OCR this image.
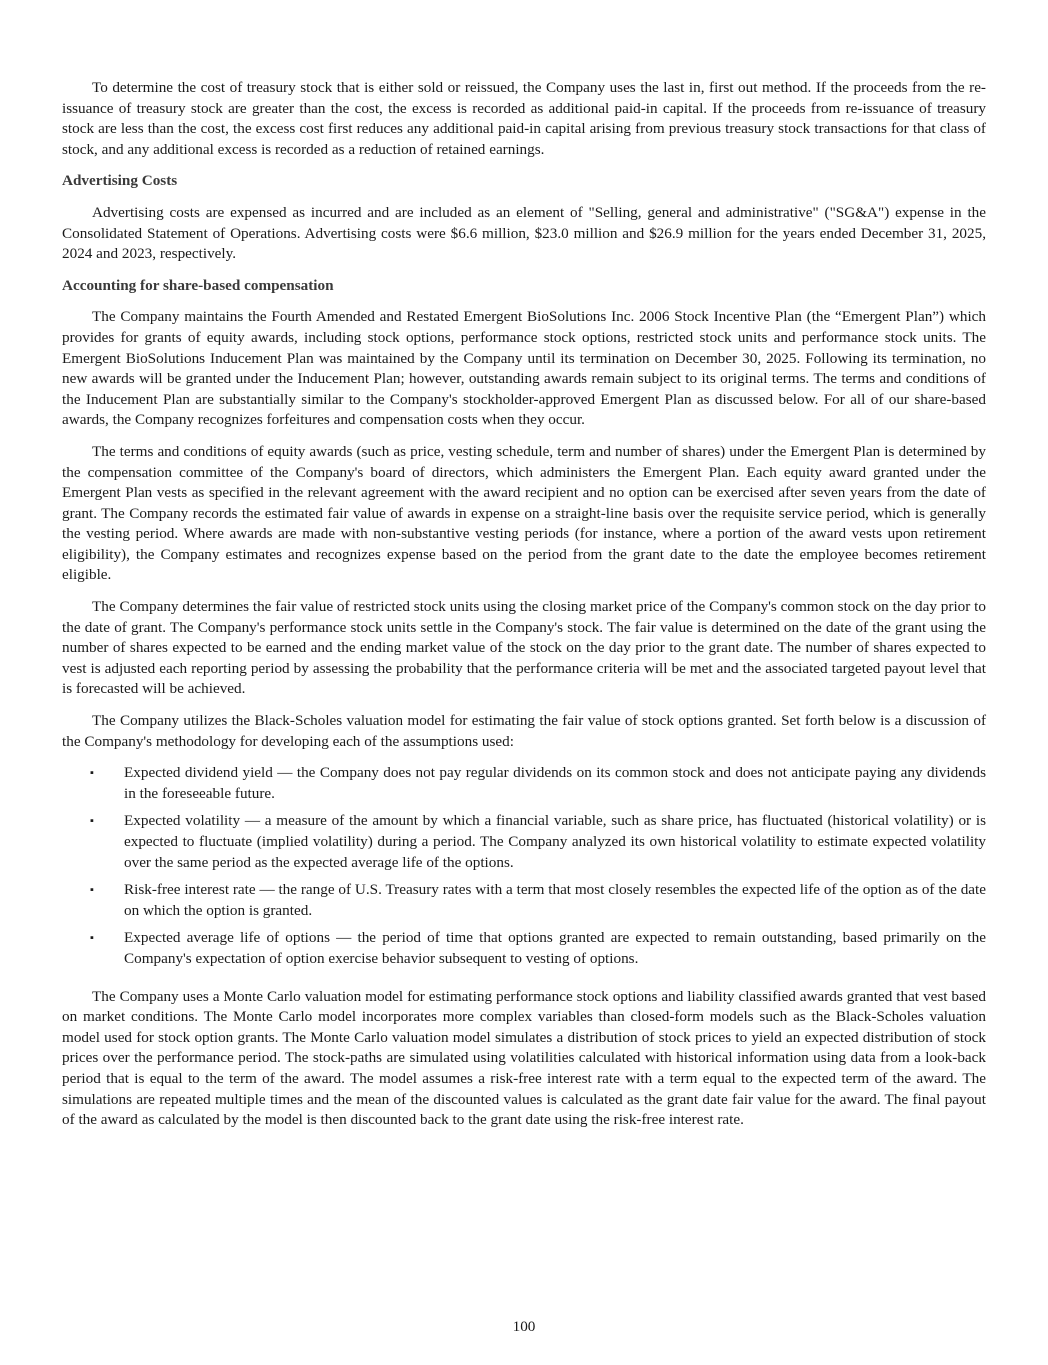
To determine the cost of treasury stock that is either sold or reissued, the Company uses the last in, first out method. If the proceeds from the re-issuance of treasury stock are greater than the cost, the excess is recorded as additional paid-in capital. If the proceeds from re-issuance of treasury stock are less than the cost, the excess cost first reduces any additional paid-in capital arising from previous treasury stock transactions for that class of stock, and any additional excess is recorded as a reduction of retained earnings.

Advertising Costs

Advertising costs are expensed as incurred and are included as an element of "Selling, general and administrative" ("SG&A") expense in the Consolidated Statement of Operations. Advertising costs were $6.6 million, $23.0 million and $26.9 million for the years ended December 31, 2025, 2024 and 2023, respectively.

Accounting for share-based compensation

The Company maintains the Fourth Amended and Restated Emergent BioSolutions Inc. 2006 Stock Incentive Plan (the “Emergent Plan”) which provides for grants of equity awards, including stock options, performance stock options, restricted stock units and performance stock units. The Emergent BioSolutions Inducement Plan was maintained by the Company until its termination on December 30, 2025. Following its termination, no new awards will be granted under the Inducement Plan; however, outstanding awards remain subject to its original terms. The terms and conditions of the Inducement Plan are substantially similar to the Company's stockholder-approved Emergent Plan as discussed below. For all of our share-based awards, the Company recognizes forfeitures and compensation costs when they occur.

The terms and conditions of equity awards (such as price, vesting schedule, term and number of shares) under the Emergent Plan is determined by the compensation committee of the Company's board of directors, which administers the Emergent Plan. Each equity award granted under the Emergent Plan vests as specified in the relevant agreement with the award recipient and no option can be exercised after seven years from the date of grant. The Company records the estimated fair value of awards in expense on a straight-line basis over the requisite service period, which is generally the vesting period. Where awards are made with non-substantive vesting periods (for instance, where a portion of the award vests upon retirement eligibility), the Company estimates and recognizes expense based on the period from the grant date to the date the employee becomes retirement eligible.

The Company determines the fair value of restricted stock units using the closing market price of the Company's common stock on the day prior to the date of grant. The Company's performance stock units settle in the Company's stock. The fair value is determined on the date of the grant using the number of shares expected to be earned and the ending market value of the stock on the day prior to the grant date. The number of shares expected to vest is adjusted each reporting period by assessing the probability that the performance criteria will be met and the associated targeted payout level that is forecasted will be achieved.

The Company utilizes the Black-Scholes valuation model for estimating the fair value of stock options granted. Set forth below is a discussion of the Company's methodology for developing each of the assumptions used:

▪ Expected dividend yield — the Company does not pay regular dividends on its common stock and does not anticipate paying any dividends in the foreseeable future.
▪ Expected volatility — a measure of the amount by which a financial variable, such as share price, has fluctuated (historical volatility) or is expected to fluctuate (implied volatility) during a period. The Company analyzed its own historical volatility to estimate expected volatility over the same period as the expected average life of the options.
▪ Risk-free interest rate — the range of U.S. Treasury rates with a term that most closely resembles the expected life of the option as of the date on which the option is granted.
▪ Expected average life of options — the period of time that options granted are expected to remain outstanding, based primarily on the Company's expectation of option exercise behavior subsequent to vesting of options.

The Company uses a Monte Carlo valuation model for estimating performance stock options and liability classified awards granted that vest based on market conditions. The Monte Carlo model incorporates more complex variables than closed-form models such as the Black-Scholes valuation model used for stock option grants. The Monte Carlo valuation model simulates a distribution of stock prices to yield an expected distribution of stock prices over the performance period. The stock-paths are simulated using volatilities calculated with historical information using data from a look-back period that is equal to the term of the award. The model assumes a risk-free interest rate with a term equal to the expected term of the award. The simulations are repeated multiple times and the mean of the discounted values is calculated as the grant date fair value for the award. The final payout of the award as calculated by the model is then discounted back to the grant date using the risk-free interest rate.

100
